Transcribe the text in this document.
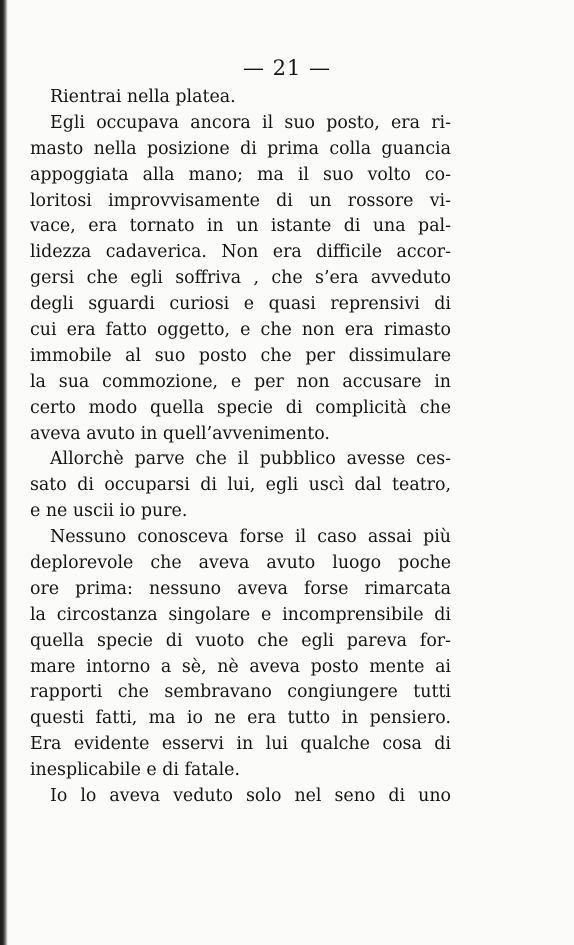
— 21 —
Rientrai nella platea.
Egli occupava ancora il suo posto, era ri-
masto nella posizione di prima colla guancia
appoggiata alla mano; ma il suo volto co-
loritosi improvvisamente di un rossore vi-
vace, era tornato in un istante di una pal-
lidezza cadaverica. Non era difficile accor-
gersi che egli soffriva , che s’era avveduto
degli sguardi curiosi e quasi reprensivi di
cui era fatto oggetto, e che non era rimasto
immobile al suo posto che per dissimulare
la sua commozione, e per non accusare in
certo modo quella specie di complicità che
aveva avuto in quell’avvenimento.
Allorchè parve che il pubblico avesse ces-
sato di occuparsi di lui, egli uscì dal teatro,
e ne uscii io pure.
Nessuno conosceva forse il caso assai più
deplorevole che aveva avuto luogo poche
ore prima: nessuno aveva forse rimarcata
la circostanza singolare e incomprensibile di
quella specie di vuoto che egli pareva for-
mare intorno a sè, nè aveva posto mente ai
rapporti che sembravano congiungere tutti
questi fatti, ma io ne era tutto in pensiero.
Era evidente esservi in lui qualche cosa di
inesplicabile e di fatale.
Io lo aveva veduto solo nel seno di uno
